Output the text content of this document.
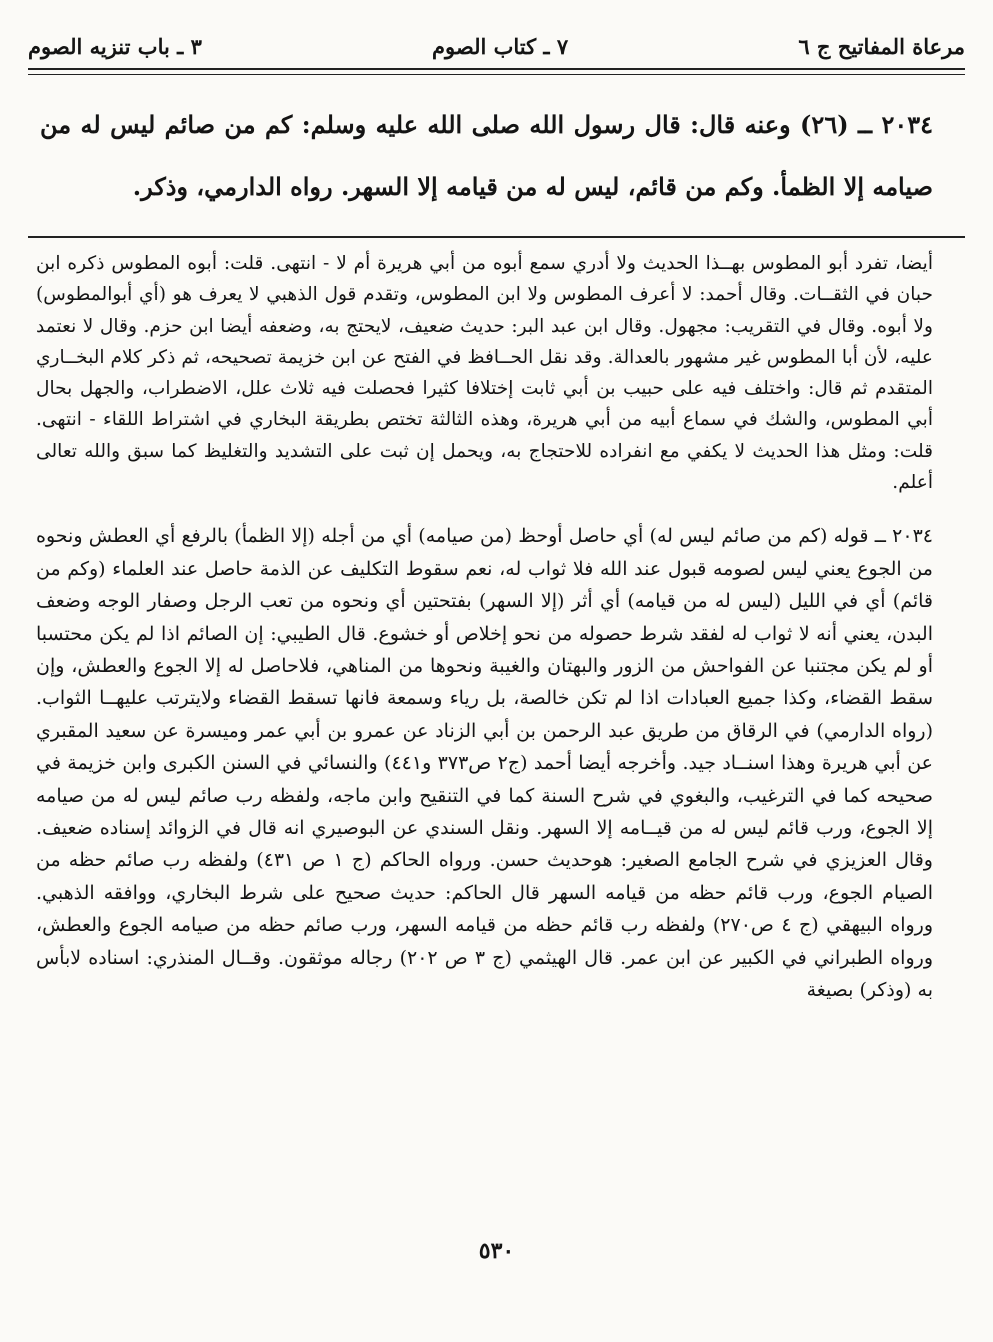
مرعاة المفاتيح ج ٦
٧ ـ كتاب الصوم
٣ ـ باب تنزيه الصوم
٢٠٣٤ ــ (٢٦) وعنه قال: قال رسول الله صلى الله عليه وسلم: كم من صائم ليس له من صيامه إلا الظمأ. وكم من قائم، ليس له من قيامه إلا السهر. رواه الدارمي، وذكر.

أيضا، تفرد أبو المطوس بهــذا الحديث ولا أدري سمع أبوه من أبي هريرة أم لا - انتهى. قلت: أبوه المطوس ذكره ابن حبان في الثقــات. وقال أحمد: لا أعرف المطوس ولا ابن المطوس، وتقدم قول الذهبي لا يعرف هو (أي أبوالمطوس) ولا أبوه. وقال في التقريب: مجهول. وقال ابن عبد البر: حديث ضعيف، لايحتج به، وضعفه أيضا ابن حزم. وقال لا نعتمد عليه، لأن أبا المطوس غير مشهور بالعدالة. وقد نقل الحــافظ في الفتح عن ابن خزيمة تصحيحه، ثم ذكر كلام البخــاري المتقدم ثم قال: واختلف فيه على حبيب بن أبي ثابت إختلافا كثيرا فحصلت فيه ثلاث علل، الاضطراب، والجهل بحال أبي المطوس، والشك في سماع أبيه من أبي هريرة، وهذه الثالثة تختص بطريقة البخاري في اشتراط اللقاء - انتهى. قلت: ومثل هذا الحديث لا يكفي مع انفراده للاحتجاج به، ويحمل إن ثبت على التشديد والتغليظ كما سبق والله تعالى أعلم.

٢٠٣٤ ــ قوله (كم من صائم ليس له) أي حاصل أوحظ (من صيامه) أي من أجله (إلا الظمأ) بالرفع أي العطش ونحوه من الجوع يعني ليس لصومه قبول عند الله فلا ثواب له، نعم سقوط التكليف عن الذمة حاصل عند العلماء (وكم من قائم) أي في الليل (ليس له من قيامه) أي أثر (إلا السهر) بفتحتين أي ونحوه من تعب الرجل وصفار الوجه وضعف البدن، يعني أنه لا ثواب له لفقد شرط حصوله من نحو إخلاص أو خشوع. قال الطيبي: إن الصائم اذا لم يكن محتسبا أو لم يكن مجتنبا عن الفواحش من الزور والبهتان والغيبة ونحوها من المناهي، فلاحاصل له إلا الجوع والعطش، وإن سقط القضاء، وكذا جميع العبادات اذا لم تكن خالصة، بل رياء وسمعة فانها تسقط القضاء ولايترتب عليهــا الثواب. (رواه الدارمي) في الرقاق من طريق عبد الرحمن بن أبي الزناد عن عمرو بن أبي عمر وميسرة عن سعيد المقبري عن أبي هريرة وهذا اسنــاد جيد. وأخرجه أيضا أحمد (ج٢ ص٣٧٣ و٤٤١) والنسائي في السنن الكبرى وابن خزيمة في صحيحه كما في الترغيب، والبغوي في شرح السنة كما في التنقيح وابن ماجه، ولفظه رب صائم ليس له من صيامه إلا الجوع، ورب قائم ليس له من قيــامه إلا السهر. ونقل السندي عن البوصيري انه قال في الزوائد إسناده ضعيف. وقال العزيزي في شرح الجامع الصغير: هوحديث حسن. ورواه الحاكم (ج ١ ص ٤٣١) ولفظه رب صائم حظه من الصيام الجوع، ورب قائم حظه من قيامه السهر قال الحاكم: حديث صحيح على شرط البخاري، ووافقه الذهبي. ورواه البيهقي (ج ٤ ص٢٧٠) ولفظه رب قائم حظه من قيامه السهر، ورب صائم حظه من صيامه الجوع والعطش، ورواه الطبراني في الكبير عن ابن عمر. قال الهيثمي (ج ٣ ص ٢٠٢) رجاله موثقون. وقــال المنذري: اسناده لابأس به (وذكر) بصيغة

٥٣٠
